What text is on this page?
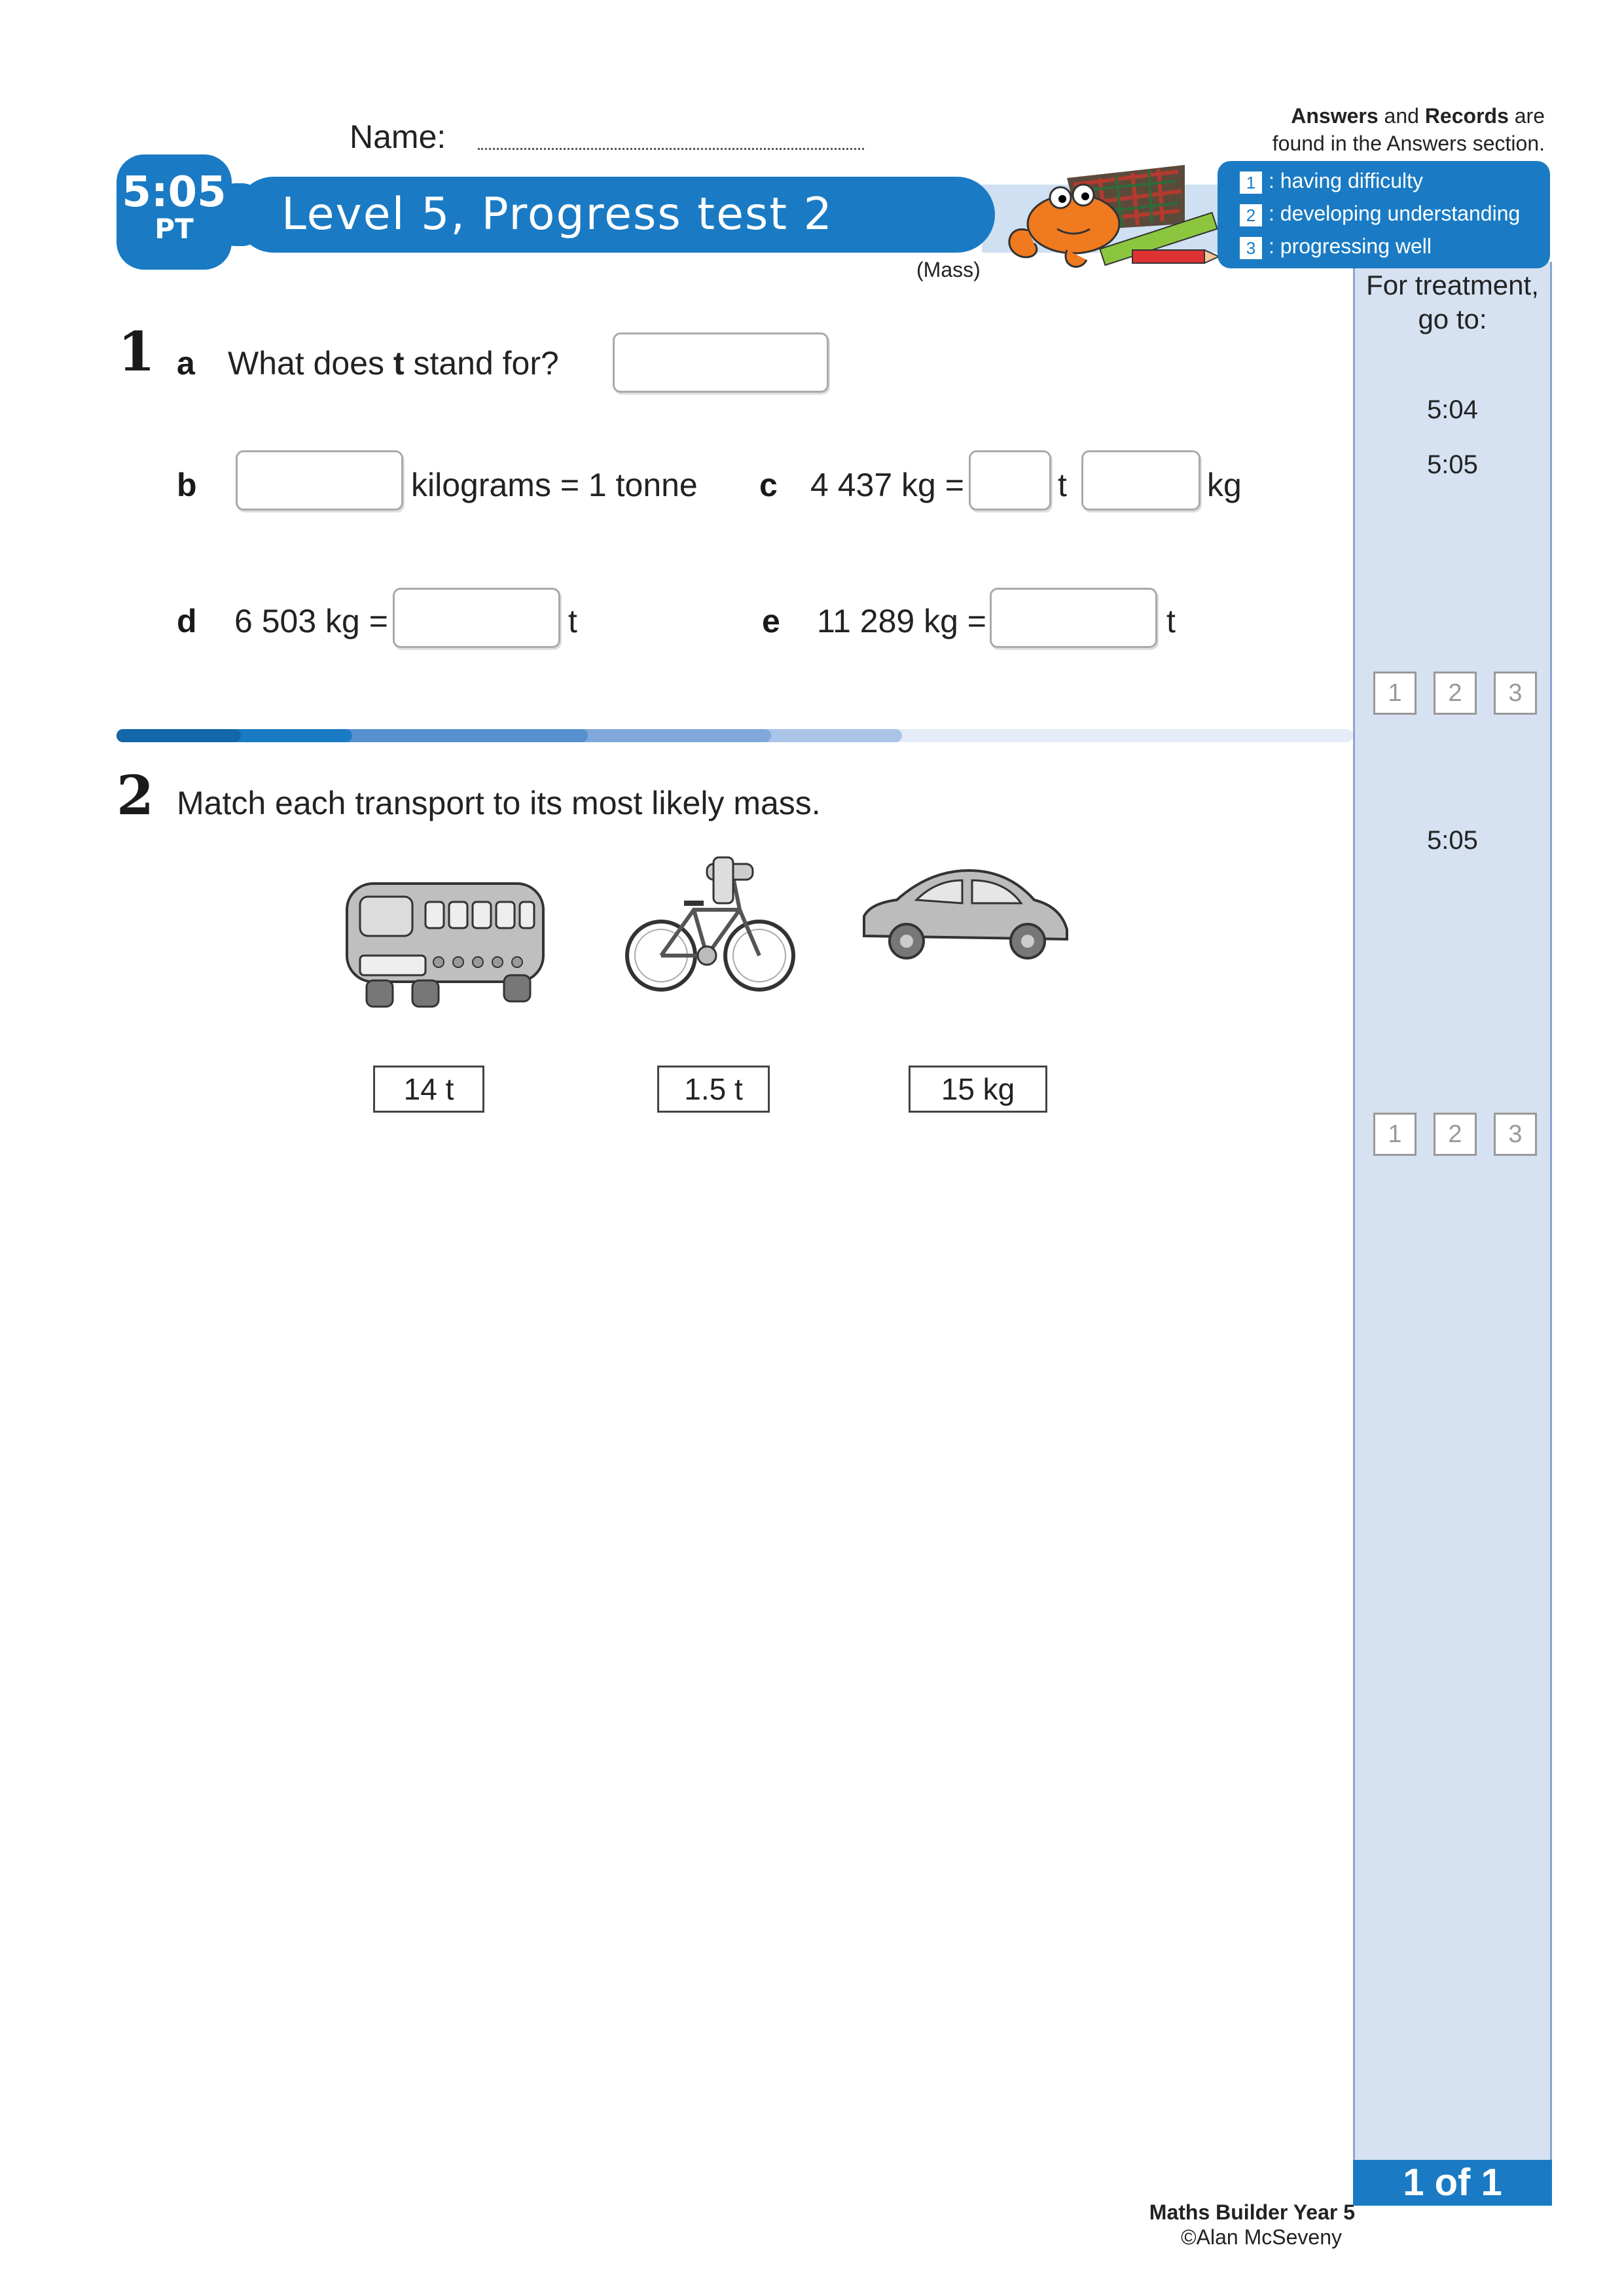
For treatment,
go to:
5:04
5:05
1	2	3
5:05
1	2	3
1 of 1
Name:
5:05
PT	Level 5, Progress test 2
(Mass)
Answers and Records are
found in the Answers section.
1 : having difficulty
2 : developing understanding
3 : progressing well
1 a What does t stand for?
b	kilograms = 1 tonne c 4 437 kg =	t	kg
d 6 503 kg =	t	e 11 289 kg =	t
2 Match each transport to its most likely mass.
14 t	1.5 t	15 kg
Maths Builder Year 5
©Alan McSeveny
